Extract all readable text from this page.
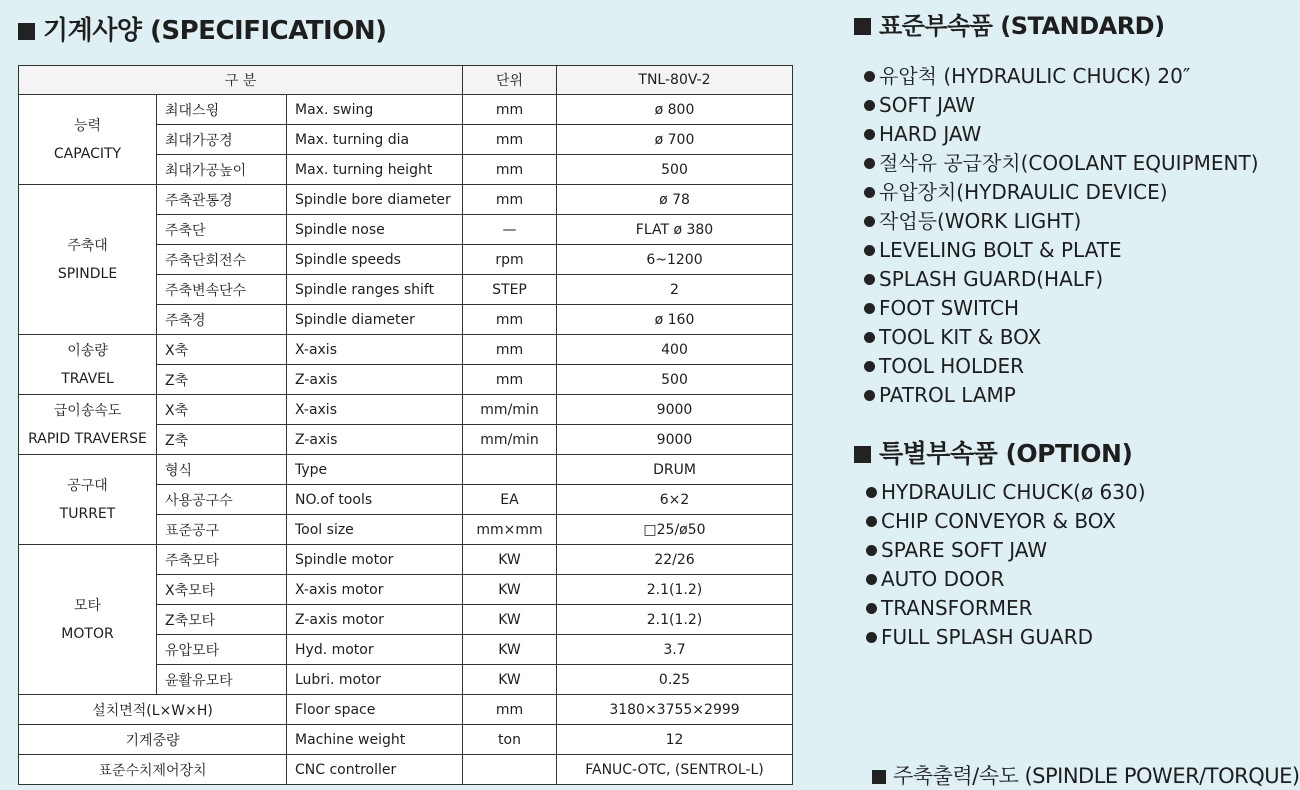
기계사양 (SPECIFICATION)
구 분			단위	TNL-80V-2

능력
CAPACITY	최대스윙	Max. swing	mm	ø 800
	최대가공경	Max. turning dia	mm	ø 700
	최대가공높이	Max. turning height	mm	500

주축대
SPINDLE	주축관통경	Spindle bore diameter	mm	ø 78
	주축단	Spindle nose	—	FLAT ø 380
	주축단회전수	Spindle speeds	rpm	6~1200
	주축변속단수	Spindle ranges shift	STEP	2
	주축경	Spindle diameter	mm	ø 160

이송량
TRAVEL	X축	X-axis	mm	400
	Z축	Z-axis	mm	500

급이송속도
RAPID TRAVERSE	X축	X-axis	mm/min	9000
	Z축	Z-axis	mm/min	9000

공구대
TURRET	형식	Type		DRUM
	사용공구수	NO.of tools	EA	6×2
	표준공구	Tool size	mm×mm	□25/ø50

모타
MOTOR	주축모타	Spindle motor	KW	22/26
	X축모타	X-axis motor	KW	2.1(1.2)
	Z축모타	Z-axis motor	KW	2.1(1.2)
	유압모타	Hyd. motor	KW	3.7
	윤활유모타	Lubri. motor	KW	0.25
설치면적(L×W×H)		Floor space	mm	3180×3755×2999
기계중량		Machine weight	ton	12
표준수치제어장치		CNC controller		FANUC-OTC, (SENTROL-L)
표준부속품 (STANDARD)
유압척 (HYDRAULIC CHUCK) 20″
SOFT JAW
HARD JAW
절삭유 공급장치(COOLANT EQUIPMENT)
유압장치(HYDRAULIC DEVICE)
작업등(WORK LIGHT)
LEVELING BOLT & PLATE
SPLASH GUARD(HALF)
FOOT SWITCH
TOOL KIT & BOX
TOOL HOLDER
PATROL LAMP
특별부속품 (OPTION)
HYDRAULIC CHUCK(ø 630)
CHIP CONVEYOR & BOX
SPARE SOFT JAW
AUTO DOOR
TRANSFORMER
FULL SPLASH GUARD
주축출력/속도 (SPINDLE POWER/TORQUE)
